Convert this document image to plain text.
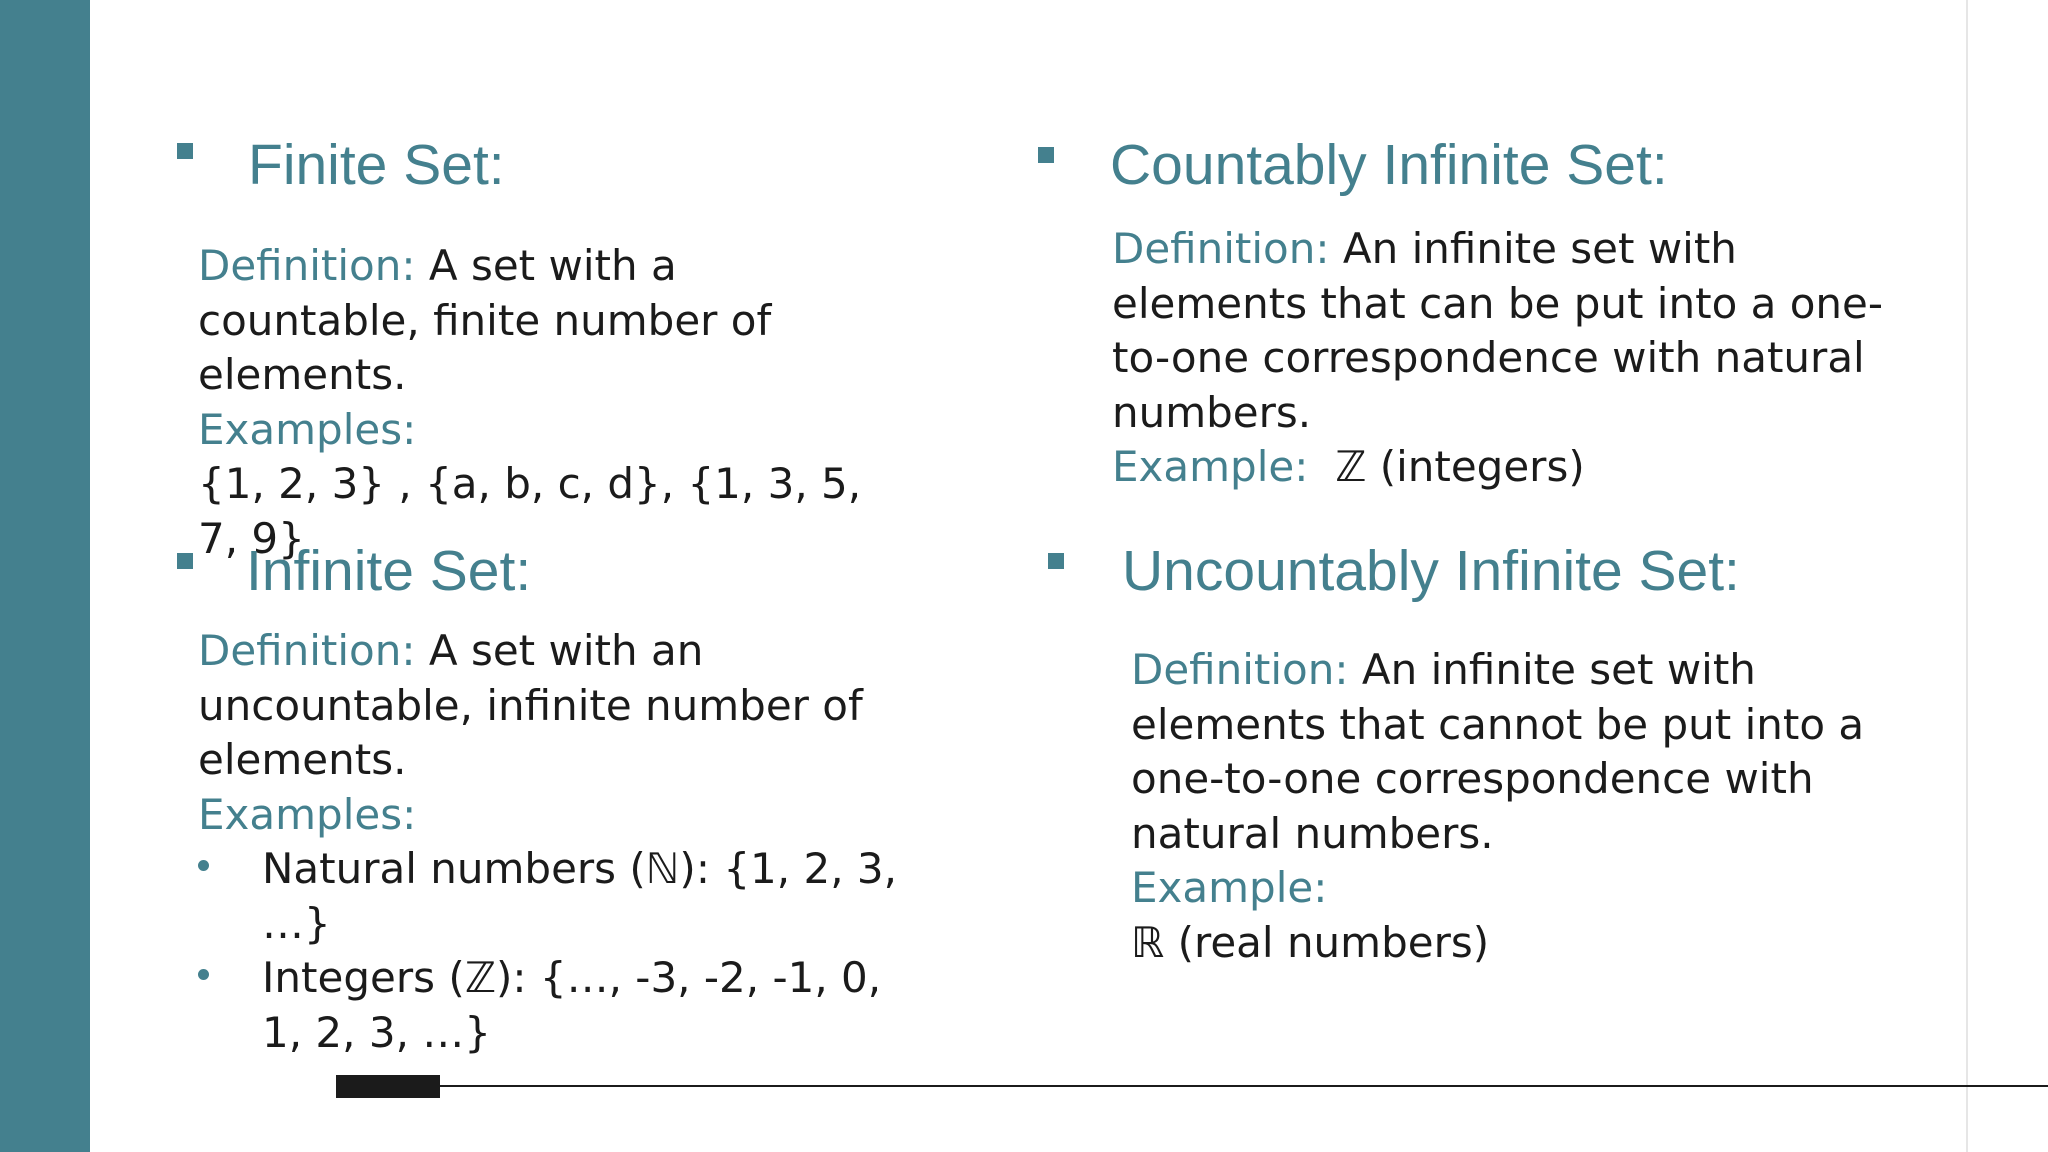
Finite Set:

Definition: A set with a countable, finite number of elements.

Examples:

{1, 2, 3} , {a, b, c, d}, {1, 3, 5, 7, 9}

Infinite Set:

Definition: A set with an uncountable, infinite number of elements.

Examples:

Natural numbers (ℕ): {1, 2, 3, …}
Integers (ℤ): {…, -3, -2, -1, 0, 1, 2, 3, …}
Countably Infinite Set:

Definition: An infinite set with elements that can be put into a one-to-one correspondence with natural numbers.

Example: ℤ (integers)

Uncountably Infinite Set:

Definition: An infinite set with elements that cannot be put into a one-to-one correspondence with natural numbers.

Example:

ℝ (real numbers)
